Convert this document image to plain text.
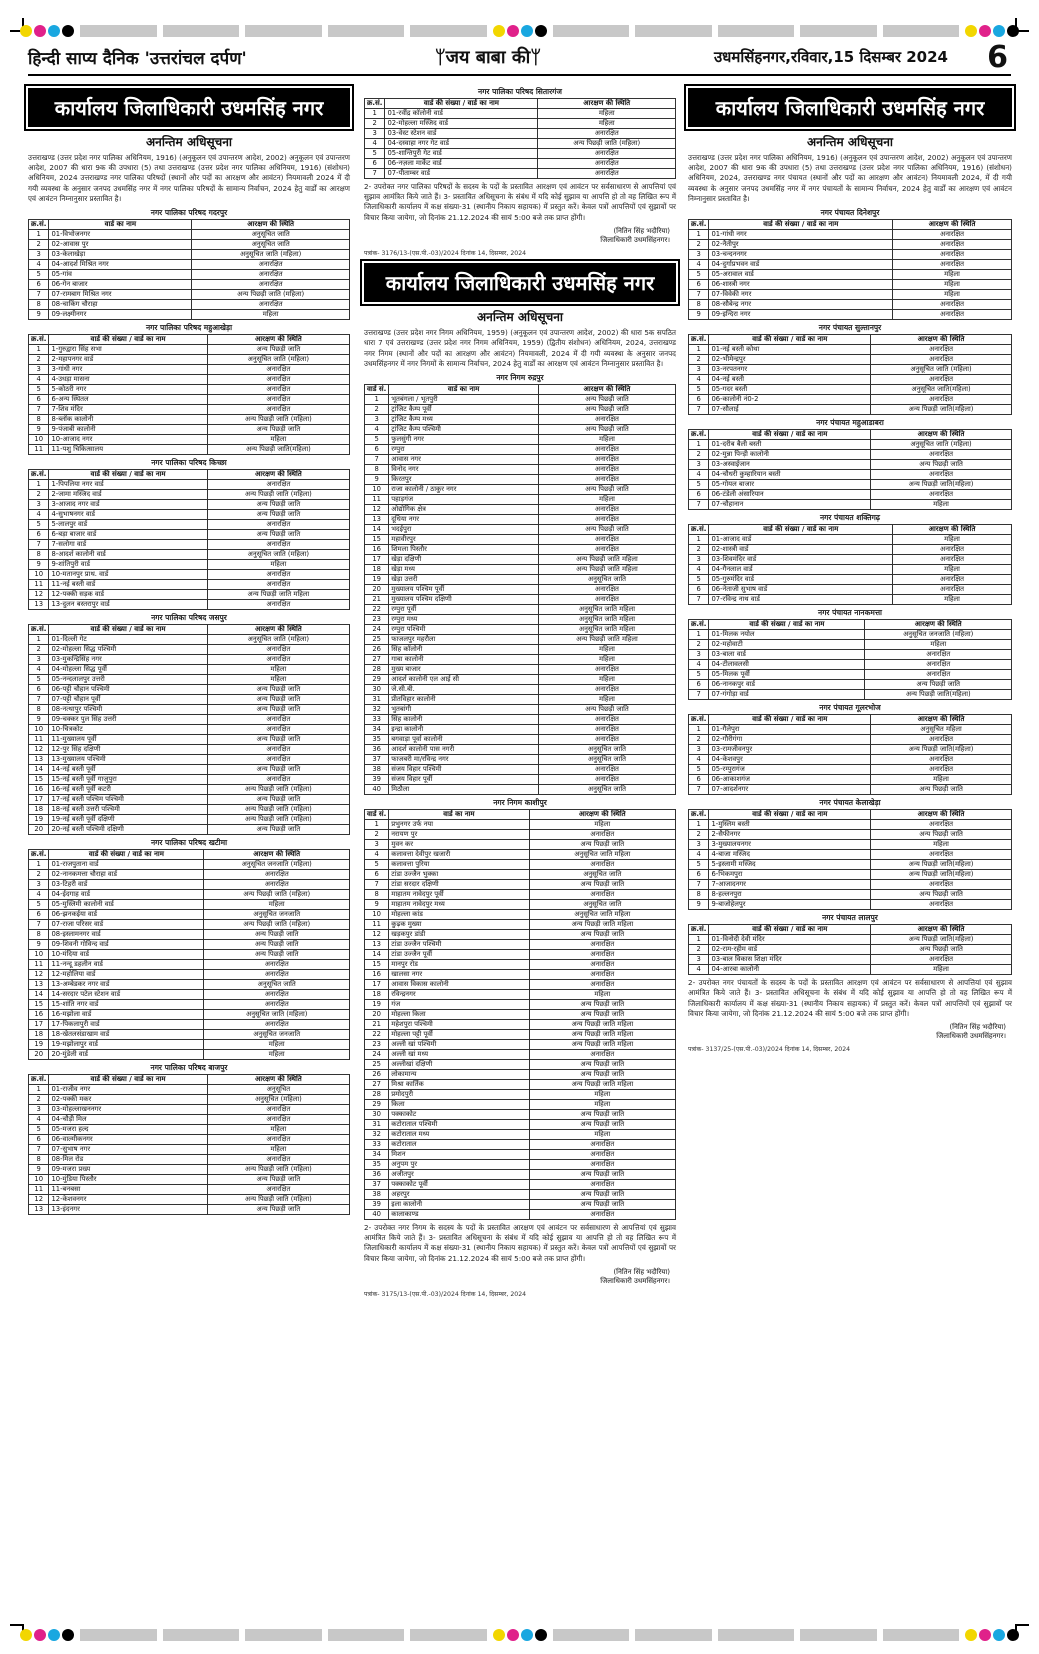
हिन्दी साप्य दैनिक 'उत्तरांचल दर्पण'	ᛘजय बाबा कीᛘ	उधमसिंहनगर,रविवार,15 दिसम्बर 2024	6
कार्यालय जिलाधिकारी उधमसिंह नगर
अनन्तिम अधिसूचना

उत्तराखण्ड (उत्तर प्रदेश नगर पालिका अधिनियम, 1916) (अनुकूलन एवं उपान्तरण आदेश, 2002) अनुकूलन एवं उपान्तरण आदेश, 2007 की धारा 9क की उपधारा (5) तथा उत्तराखण्ड (उत्तर प्रदेश नगर पालिका अधिनियम, 1916) (संशोधन) अधिनियम, 2024 उत्तराखण्ड नगर पालिका परिषदों (स्थानों और पदों का आरक्षण और आवंटन) नियमावली 2024 में दी गयी व्यवस्था के अनुसार जनपद उधमसिंह नगर में नगर पालिका परिषदों के सामान्य निर्वाचन, 2024 हेतु वार्डों का आरक्षण एवं आवंटन निम्नानुसार प्रस्तावित है।

नगर पालिका परिषद गदरपुर
क्र.सं.	वार्ड का नाम	आरक्षण की स्थिति
1	01-विभोजनगर	अनुसूचित जाति
2	02-आवास पुर	अनुसूचित जाति
3	03-केलाखेड़ा	अनुसूचित जाति (महिला)
4	04-आदर्श मिश्रित नगर	अनारक्षित
5	05-गांव	अनारक्षित
6	06-गेन बाजार	अनारक्षित
7	07-रामबाग मिश्रित नगर	अन्य पिछड़ी जाति (महिला)
8	08-चाकिंग चौराहा	अनारक्षित
9	09-लक्ष्मीनगर	महिला
नगर पालिका परिषद महुआखेड़ा
क्र.सं.	वार्ड की संख्या / वार्ड का नाम	आरक्षण की स्थिति
1	1-गुरुद्वारा सिंह सभा	अन्य पिछड़ी जाति
2	2-महापनगर वार्ड	अनुसूचित जाति (महिला)
3	3-गांधी नगर	अनारक्षित
4	4-उधड़ा मासना	अनारक्षित
5	5-कोठरी नगर	अनारक्षित
6	6-अन्य स्थितल	अनारक्षित
7	7-शिव मंदिर	अनारक्षित
8	8-ब्लॉक कालोनी	अन्य पिछड़ी जाति (महिला)
9	9-पंजाबी कालोनी	अन्य पिछड़ी जाति
10	10-आजाद नगर	महिला
11	11-पशु चिकित्सालय	अन्य पिछड़ी जाति(महिला)
नगर पालिका परिषद किच्छा
क्र.सं.	वार्ड की संख्या / वार्ड का नाम	आरक्षण की स्थिति
1	1-पिपलिया नगर वार्ड	अनारक्षित
2	2-जामा मस्जिद वार्ड	अन्य पिछड़ी जाति (महिला)
3	3-आजाद नगर वार्ड	अन्य पिछड़ी जाति
4	4-सुभाषनगर वार्ड	अन्य पिछड़ी जाति
5	5-लालपुर वार्ड	अनारक्षित
6	6-बड़ा बाजार वार्ड	अन्य पिछड़ी जाति
7	7-सलोगा वार्ड	अनारक्षित
8	8-आदर्श कालोनी वार्ड	अनुसूचित जाति (महिला)
9	9-शांतिपुरी वार्ड	महिला
10	10-मतानपुर प्राथ. वार्ड	अनारक्षित
11	11-नई बस्ती वार्ड	अनारक्षित
12	12-पक्की सड़क वार्ड	अन्य पिछड़ी जाति महिला
13	13-दुलन बस्तरापुर वार्ड	अनारक्षित
नगर पालिका परिषद जसपुर
क्र.सं.	वार्ड की संख्या / वार्ड का नाम	आरक्षण की स्थिति
1	01-दिल्ली गेट	अनुसूचित जाति (महिला)
2	02-मोहल्ला सिद्ध पश्चिमी	अनारक्षित
3	03-मुकन्द्रिसिंह नगर	अनारक्षित
4	04-मोहल्ला सिद्ध पूर्वी	महिला
5	05-नन्दलालपुर उत्तरी	महिला
6	06-पट्टी चौहान पश्चिमी	अन्य पिछड़ी जाति
7	07-पट्टी चौहान पूर्वी	अन्य पिछड़ी जाति
8	08-नत्थापुर पश्चिमी	अन्य पिछड़ी जाति
9	09-चक्कर पुल सिंह उत्तरी	अनारक्षित
10	10-चित्रकोट	अनारक्षित
11	11-मुख्यालय पूर्वी	अन्य पिछड़ी जाति
12	12-पुर सिंह दक्षिणी	अनारक्षित
13	13-मुख्यालय पश्चिमी	अनारक्षित
14	14-नई बस्ती पूर्वी	अन्य पिछड़ी जाति
15	15-नई बस्ती पूर्वी गाजुपुरा	अनारक्षित
16	16-नई बस्ती पूर्वी कटरी	अन्य पिछड़ी जाति (महिला)
17	17-नई बस्ती पश्चिम पश्चिमी	अन्य पिछड़ी जाति
18	18-नई बस्ती उत्तरी पश्चिमी	अन्य पिछड़ी जाति (महिला)
19	19-नई बस्ती पूर्वी दक्षिणी	अन्य पिछड़ी जाति (महिला)
20	20-नई बस्ती पश्चिमी दक्षिणी	अन्य पिछड़ी जाति
नगर पालिका परिषद खटीमा
क्र.सं.	वार्ड की संख्या / वार्ड का नाम	आरक्षण की स्थिति
1	01-राजपुताना वार्ड	अनुसूचित जनजाति (महिला)
2	02-नानकमत्ता चौराहा वार्ड	अनारक्षित
3	03-टिहरी वार्ड	अनारक्षित
4	04-ईदगाह वार्ड	अन्य पिछड़ी जाति (महिला)
5	05-मुस्लिमी कालोनी वार्ड	महिला
6	06-झनकईया वार्ड	अनुसूचित जनजाति
7	07-राजा परिसर वार्ड	अन्य पिछड़ी जाति (महिला)
8	08-इस्लामनगर वार्ड	अन्य पिछड़ी जाति
9	09-शिवनी गोविन्द वार्ड	अन्य पिछड़ी जाति
10	10-मंदिया वार्ड	अन्य पिछड़ी जाति
11	11-नन्दू डहलीन वार्ड	अनारक्षित
12	12-महोलिया वार्ड	अनारक्षित
13	13-अम्बेडकर नगर वार्ड	अनुसूचित जाति
14	14-सरदार पटेल स्टेशन वार्ड	अनारक्षित
15	15-शांति नगर वार्ड	अनारक्षित
16	16-मझोला वार्ड	अनुसूचित जाति (महिला)
17	17-पिकलापुरी वार्ड	अनारक्षित
18	18-खेतलसंडाखाम वार्ड	अनुसूचित जनजाति
19	19-मझोलापुर वार्ड	महिला
20	20-मुंडेली वार्ड	महिला
नगर पालिका परिषद बाजपुर
क्र.सं.	वार्ड की संख्या / वार्ड का नाम	आरक्षण की स्थिति
1	01-राजीव नगर	अनुसूचित
2	02-पक्की मकर	अनुसूचित (महिला)
3	03-मोहल्लाखननगर	अनारक्षित
4	04-चौड़ी मिल	अनारक्षित
5	05-मजरा हल्द	महिला
6	06-वाल्मीकनगर	अनारक्षित
7	07-सुभाष नगर	महिला
8	08-मिल रोड	अनारक्षित
9	09-मजरा प्रख्य	अन्य पिछड़ी जाति (महिला)
10	10-मुंडिया पिस्तौर	अन्य पिछड़ी जाति
11	11-बनबसा	अनारक्षित
12	12-केशवनगर	अन्य पिछड़ी जाति (महिला)
13	13-इंदनगर	अन्य पिछड़ी जाति
नगर पालिका परिषद सितारगंज
क्र.सं.	वार्ड की संख्या / वार्ड का नाम	आरक्षण की स्थिति
1	01-रवींद्र कॉलोनी वार्ड	महिला
2	02-मोहल्ला मस्जिद वार्ड	महिला
3	03-वेस्ट स्टेशन वार्ड	अनारक्षित
4	04-दस्वाहा नगर गेट वार्ड	अन्य पिछड़ी जाति (महिला)
5	05-शान्तिपुरी गेट वार्ड	अनारक्षित
6	06-नज़ला मार्केट वार्ड	अनारक्षित
7	07-पीताम्बर वार्ड	अनारक्षित

2- उपरोक्त नगर पालिका परिषदों के सदस्य के पदों के प्रस्तावित आरक्षण एवं आवंटन पर सर्वसाधारण से आपत्तियां एवं सुझाव आमंत्रित किये जाते हैं। 3- प्रस्तावित अधिसूचना के संबंध में यदि कोई सुझाव या आपत्ति हो तो वह लिखित रूप में जिलाधिकारी कार्यालय में कक्ष संख्या-31 (स्थानीय निकाय सहायक) में प्रस्तुत करें। केवल पत्रों आपत्तियों एवं सुझावों पर विचार किया जायेगा, जो दिनांक 21.12.2024 की सायं 5:00 बजे तक प्राप्त होंगी।

(नितिन सिंह भदौरिया)
जिलाधिकारी उधमसिंहनगर।
पत्रांक- 3176/13-(एस.पी.-03)/2024 दिनांक 14, दिसम्बर, 2024
कार्यालय जिलाधिकारी उधमसिंह नगर
अनन्तिम अधिसूचना

उत्तराखण्ड (उत्तर प्रदेश नगर निगम अधिनियम, 1959) (अनुकूलन एवं उपान्तरण आदेश, 2002) की धारा 5क सपठित धारा 7 एवं उत्तराखण्ड (उत्तर प्रदेश नगर निगम अधिनियम, 1959) (द्वितीय संशोधन) अधिनियम, 2024, उत्तराखण्ड नगर निगम (स्थानों और पदों का आरक्षण और आवंटन) नियमावली, 2024 में दी गयी व्यवस्था के अनुसार जनपद उधमसिंहनगर में नगर निगमों के सामान्य निर्वाचन, 2024 हेतु वार्डों का आरक्षण एवं आवंटन निम्नानुसार प्रस्तावित है।

नगर निगम रुद्रपुर
वार्ड सं.	वार्ड का नाम	आरक्षण की स्थिति
1	भूतबंगला / भूतपुरी	अन्य पिछड़ी जाति
2	ट्रांजिट कैम्प पूर्वी	अन्य पिछड़ी जाति
3	ट्रांजिट कैम्प मध्य	अनारक्षित
4	ट्रांजिट कैम्प पश्चिमी	अन्य पिछड़ी जाति
5	फुलसुंगी नगर	महिला
6	रम्पुरा	अनारक्षित
7	आवास नगर	अनारक्षित
8	विनोद नगर	अनारक्षित
9	किरतपुर	अनारक्षित
10	राजा कालोनी / ठाकुर नगर	अन्य पिछड़ी जाति
11	पहाड़गंज	महिला
12	ओद्योगिक क्षेत्र	अनारक्षित
13	दूधिया नगर	अनारक्षित
14	भदईपुरा	अन्य पिछड़ी जाति
15	महावीरपुर	अनारक्षित
16	शिमला पिस्तौर	अनारक्षित
17	खेड़ा दक्षिणी	अन्य पिछड़ी जाति महिला
18	खेड़ा मध्य	अन्य पिछड़ी जाति महिला
19	खेड़ा उत्तरी	अनुसूचित जाति
20	मुख्यालय पश्चिम पूर्वी	अनारक्षित
21	मुख्यालय पश्चिम दक्षिणी	अनारक्षित
22	रम्पुरा पूर्वी	अनुसूचित जाति महिला
23	रम्पुरा मध्य	अनुसूचित जाति महिला
24	रम्पुरा पश्चिमी	अनुसूचित जाति महिला
25	फाजलपुर महरौला	अन्य पिछड़ी जाति महिला
26	सिंह कॉलोनी	महिला
27	गाबा कालोनी	महिला
28	मुख्य बाजार	अनारक्षित
29	आदर्श कालोनी एल आई सी	महिला
30	जे.सी.बी.	अनारक्षित
31	प्रीतविहार कालोनी	महिला
32	भुतबांगी	अन्य पिछड़ी जाति
33	सिंह कालोनी	अनारक्षित
34	इन्द्रा कालोनी	अनारक्षित
35	बगवाड़ा पूर्वा कालोनी	अनारक्षित
36	आदर्श कालोनी पास नगरी	अनुसूचित जाति
37	फाजबरी मा/रविन्द्र नगर	अनुसूचित जाति
38	संजय विहार पश्चिमी	अनारक्षित
39	संजय विहार पूर्वी	अनारक्षित
40	मिठौला	अनुसूचित जाति
नगर निगम काशीपुर
वार्ड सं.	वार्ड का नाम	आरक्षण की स्थिति
1	प्रभुनगर उर्फ नया	महिला
2	नरायण पुर	अनारक्षित
3	मुवन कर	अन्य पिछड़ी जाति
4	कलावत्ता देवीपुर खजारी	अनुसूचित जाति महिला
5	कलावत्ता पुरिया	अनारक्षित
6	टांडा उज्जैन भुक्का	अनुसूचित जाति
7	टांडा सरदार दक्षिणी	अन्य पिछड़ी जाति
8	माहातम नावेदपुर पूर्वी	अनारक्षित
9	माहातम नावेदपुर मध्य	अनुसूचित जाति
10	मोहल्ला कांड	अनुसूचित जाति महिला
11	कुढ़क मुख्या	अन्य पिछड़ी जाति महिला
12	खड़कपुर डांडी	अन्य पिछड़ी जाति
13	टांडा उज्जैन पश्चिमी	अनारक्षित
14	टांडा उज्जैन पूर्वी	अनारक्षित
15	मानपुर रोड	अनारक्षित
16	खालसा नगर	अनारक्षित
17	आवास विकास कालोनी	अनारक्षित
18	रविन्द्रनगर	महिला
19	गंज	अन्य पिछड़ी जाति
20	मोहल्ला किला	अन्य पिछड़ी जाति
21	महेशपुरा पश्चिमी	अन्य पिछड़ी जाति महिला
22	मोहल्ला पट्टी पूर्वी	अन्य पिछड़ी जाति महिला
23	अल्ली खां पश्चिमी	अन्य पिछड़ी जाति महिला
24	अल्ली खां मध्य	अनारक्षित
25	अल्लीखां दक्षिणी	अन्य पिछड़ी जाति
26	लोकामान्य	अन्य पिछड़ी जाति
27	मिश्रा कार्तिक	अन्य पिछड़ी जाति महिला
28	प्रमोदपुरी	महिला
29	किला	महिला
30	पक्काकोट	अन्य पिछड़ी जाति
31	कटोराताल पश्चिमी	अन्य पिछड़ी जाति
32	कटोराताल मध्य	महिला
33	कटोराताल	अनारक्षित
34	मिशन	अनारक्षित
35	अनुपम पुर	अनारक्षित
36	अजीतपुर	अन्य पिछड़ी जाति
37	पक्काकोट पूर्वी	अनारक्षित
38	अहरपुर	अन्य पिछड़ी जाति
39	इला कालोनी	अन्य पिछड़ी जाति
40	कालाकाण्ड	अनारक्षित

2- उपरोक्त नगर निगम के सदस्य के पदों के प्रस्तावित आरक्षण एवं आवंटन पर सर्वसाधारण से आपत्तियां एवं सुझाव आमंत्रित किये जाते हैं। 3- प्रस्तावित अधिसूचना के संबंध में यदि कोई सुझाव या आपत्ति हो तो वह लिखित रूप में जिलाधिकारी कार्यालय में कक्ष संख्या-31 (स्थानीय निकाय सहायक) में प्रस्तुत करें। केवल पत्रों आपत्तियों एवं सुझावों पर विचार किया जायेगा, जो दिनांक 21.12.2024 की सायं 5:00 बजे तक प्राप्त होंगी।

(नितिन सिंह भदौरिया)
जिलाधिकारी उधमसिंहनगर।
पत्रांक- 3175/13-(एस.पी.-03)/2024 दिनांक 14, दिसम्बर, 2024
कार्यालय जिलाधिकारी उधमसिंह नगर
अनन्तिम अधिसूचना

उत्तराखण्ड (उत्तर प्रदेश नगर पालिका अधिनियम, 1916) (अनुकूलन एवं उपान्तरण आदेश, 2002) अनुकूलन एवं उपान्तरण आदेश, 2007 की धारा 9क की उपधारा (5) तथा उत्तराखण्ड (उत्तर प्रदेश नगर पालिका अधिनियम, 1916) (संशोधन) अधिनियम, 2024, उत्तराखण्ड नगर पंचायत (स्थानों और पदों का आरक्षण और आवंटन) नियमावली 2024, में दी गयी व्यवस्था के अनुसार जनपद उधमसिंह नगर में नगर पंचायतों के सामान्य निर्वाचन, 2024 हेतु वार्डों का आरक्षण एवं आवंटन निम्नानुसार प्रस्तावित है।

नगर पंचायत दिनेशपुर
क्र.सं.	वार्ड की संख्या / वार्ड का नाम	आरक्षण की स्थिति
1	01-गांधी नगर	अनारक्षित
2	02-नैतीपुर	अनारक्षित
3	03-चन्दननगर	अनारक्षित
4	04-दुर्गाप्रभवन वार्ड	अनारक्षित
5	05-अरावाल वार्ड	महिला
6	06-शास्त्री नगर	महिला
7	07-विवेकी नगर	महिला
8	08-सौबेन्द्र नगर	अनारक्षित
9	09-इन्दिरा नगर	अनारक्षित
नगर पंचायत सुल्तानपुर
क्र.सं.	वार्ड की संख्या / वार्ड का नाम	आरक्षण की स्थिति
1	01-नई बस्ती कोथा	अनारक्षित
2	02-भीमेन्द्रपुर	अनारक्षित
3	03-नरपतनगर	अनुसूचित जाति (महिला)
4	04-नई बस्ती	अनारक्षित
5	05-गदर बस्ती	अनुसूचित जाति(महिला)
6	06-कालोनी नं0-2	अनारक्षित
7	07-सौलाई	अन्य पिछड़ी जाति(महिला)
नगर पंचायत महुआडाबरा
क्र.सं.	वार्ड की संख्या / वार्ड का नाम	आरक्षण की स्थिति
1	01-दरीब बैली बस्ती	अनुसूचित जाति (महिला)
2	02-मुन्ना पिन्ड़ी कालोनी	अनारक्षित
3	03-अस्वाईजान	अन्य पिछड़ी जाति
4	04-चौधरी कुम्हारियान बस्ती	अनारक्षित
5	05-गोयल बाजार	अन्य पिछड़ी जाति(महिला)
6	06-टंडेली अंसारियान	अनारक्षित
7	07-चौहानान	महिला
नगर पंचायत शक्तिगढ़
क्र.सं.	वार्ड की संख्या / वार्ड का नाम	आरक्षण की स्थिति
1	01-आजाद वार्ड	महिला
2	02-शास्त्री वार्ड	अनारक्षित
3	03-शिवमंदिर वार्ड	अनारक्षित
4	04-गैनलाल वार्ड	महिला
5	05-गुरुमंदिर वार्ड	अनारक्षित
6	06-नेताजी सुभाष वार्ड	अनारक्षित
7	07-रविन्द्र नाथ वार्ड	महिला
नगर पंचायत नानकमत्ता
क्र.सं.	वार्ड की संख्या / वार्ड का नाम	आरक्षण की स्थिति
1	01-मिलक नयोल	अनुसूचित जनजाति (महिला)
2	02-महोवाटी	महिला
3	03-बाला वार्ड	अनारक्षित
4	04-टीलावलसी	अनारक्षित
5	05-मिलक पूर्वी	अनारक्षित
6	06-नानकपुर वार्ड	अन्य पिछड़ी जाति
7	07-गंगोड़ा वार्ड	अन्य पिछड़ी जाति(महिला)
नगर पंचायत गूलरभोज
क्र.सं.	वार्ड की संख्या / वार्ड का नाम	आरक्षण की स्थिति
1	01-गैलेपुरा	अनुसूचित महिला
2	02-गौरीगंगा	अनारक्षित
3	03-रामजीवनपुर	अन्य पिछड़ी जाति(महिला)
4	04-केशवपुर	अनारक्षित
5	05-रम्पुरागंज	अनारक्षित
6	06-आकाशगंज	महिला
7	07-आदर्शनगर	अन्य पिछड़ी जाति
नगर पंचायत केलाखेड़ा
क्र.सं.	वार्ड की संख्या / वार्ड का नाम	आरक्षण की स्थिति
1	1-मुस्लिम बस्ती	अनारक्षित
2	2-सैफीनगर	अन्य पिछड़ी जाति
3	3-मुख्यालयनगर	महिला
4	4-बाजा मस्जिद	अनारक्षित
5	5-इस्लामी मस्जिद	अन्य पिछड़ी जाति(महिला)
6	6-भिकमपुरा	अन्य पिछड़ी जाति(महिला)
7	7-आजादनगर	अनारक्षित
8	8-हल्लनपुरा	अन्य पिछड़ी जाति
9	9-बाजोहेलपुर	अनारक्षित
नगर पंचायत लालपुर
क्र.सं.	वार्ड की संख्या / वार्ड का नाम	आरक्षण की स्थिति
1	01-विनोदी देवी मंदिर	अन्य पिछड़ी जाति(महिला)
2	02-राम-रहीम वार्ड	अन्य पिछड़ी जाति
3	03-बाल विकास शिक्षा मंदिर	अनारक्षित
4	04-आरबा कालोनी	महिला

2- उपरोक्त नगर पंचायतों के सदस्य के पदों के प्रस्तावित आरक्षण एवं आवंटन पर सर्वसाधारण से आपत्तियां एवं सुझाव आमंत्रित किये जाते हैं। 3- प्रस्तावित अधिसूचना के संबंध में यदि कोई सुझाव या आपत्ति हो तो वह लिखित रूप में जिलाधिकारी कार्यालय में कक्ष संख्या-31 (स्थानीय निकाय सहायक) में प्रस्तुत करें। केवल पत्रों आपत्तियों एवं सुझावों पर विचार किया जायेगा, जो दिनांक 21.12.2024 की सायं 5:00 बजे तक प्राप्त होंगी।

(नितिन सिंह भदौरिया)
जिलाधिकारी उधमसिंहनगर।
पत्रांक- 3137/25-(एस.पी.-03)/2024 दिनांक 14, दिसम्बर, 2024
